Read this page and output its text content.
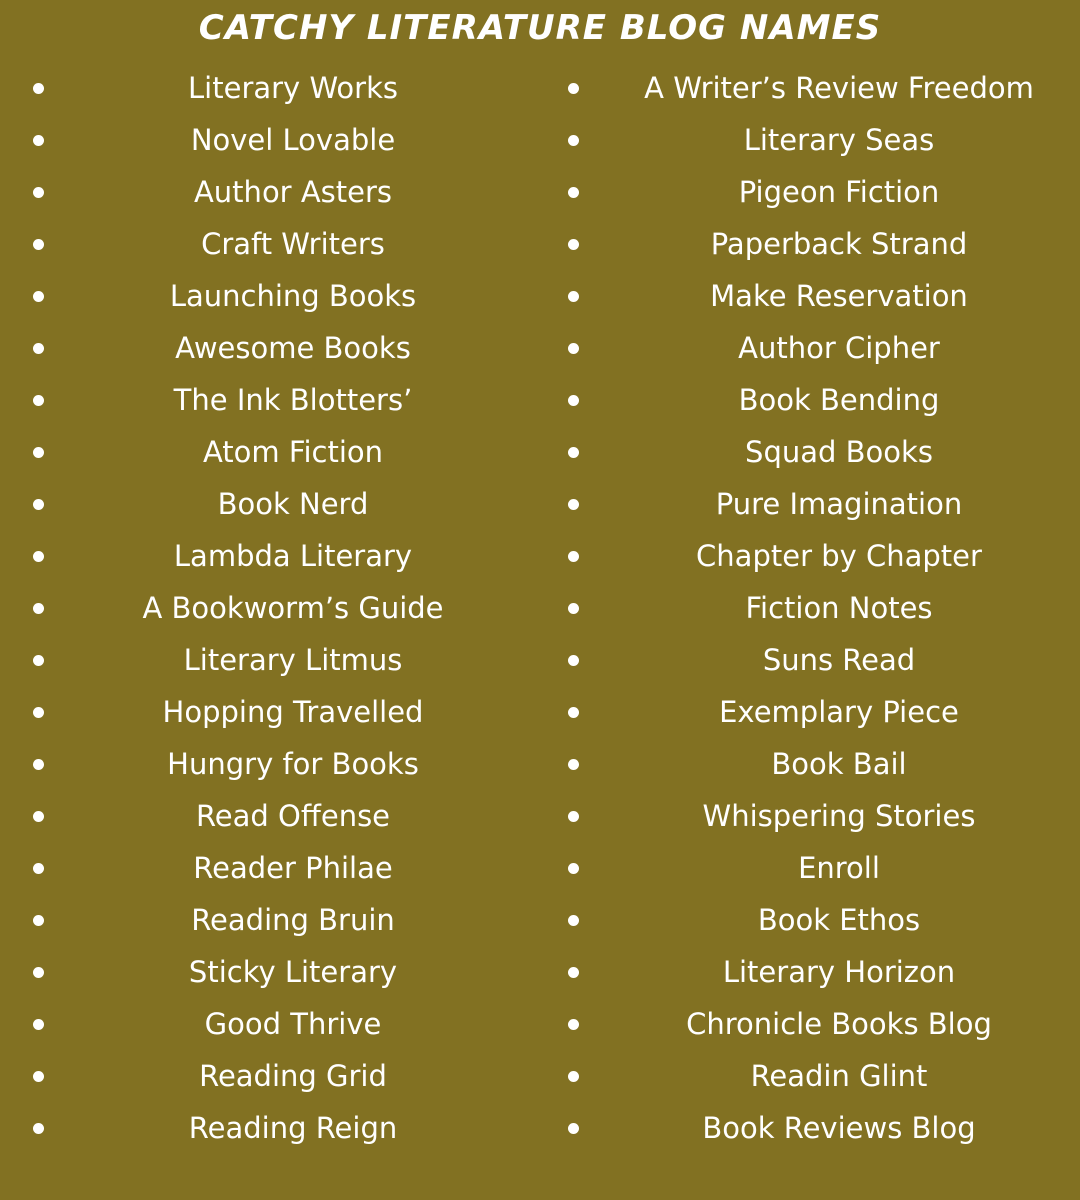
CATCHY LITERATURE BLOG NAMES
Literary Works
Novel Lovable
Author Asters
Craft Writers
Launching Books
Awesome Books
The Ink Blotters’
Atom Fiction
Book Nerd
Lambda Literary
A Bookworm’s Guide
Literary Litmus
Hopping Travelled
Hungry for Books
Read Offense
Reader Philae
Reading Bruin
Sticky Literary
Good Thrive
Reading Grid
Reading Reign
A Writer’s Review Freedom
Literary Seas
Pigeon Fiction
Paperback Strand
Make Reservation
Author Cipher
Book Bending
Squad Books
Pure Imagination
Chapter by Chapter
Fiction Notes
Suns Read
Exemplary Piece
Book Bail
Whispering Stories
Enroll
Book Ethos
Literary Horizon
Chronicle Books Blog
Readin Glint
Book Reviews Blog
